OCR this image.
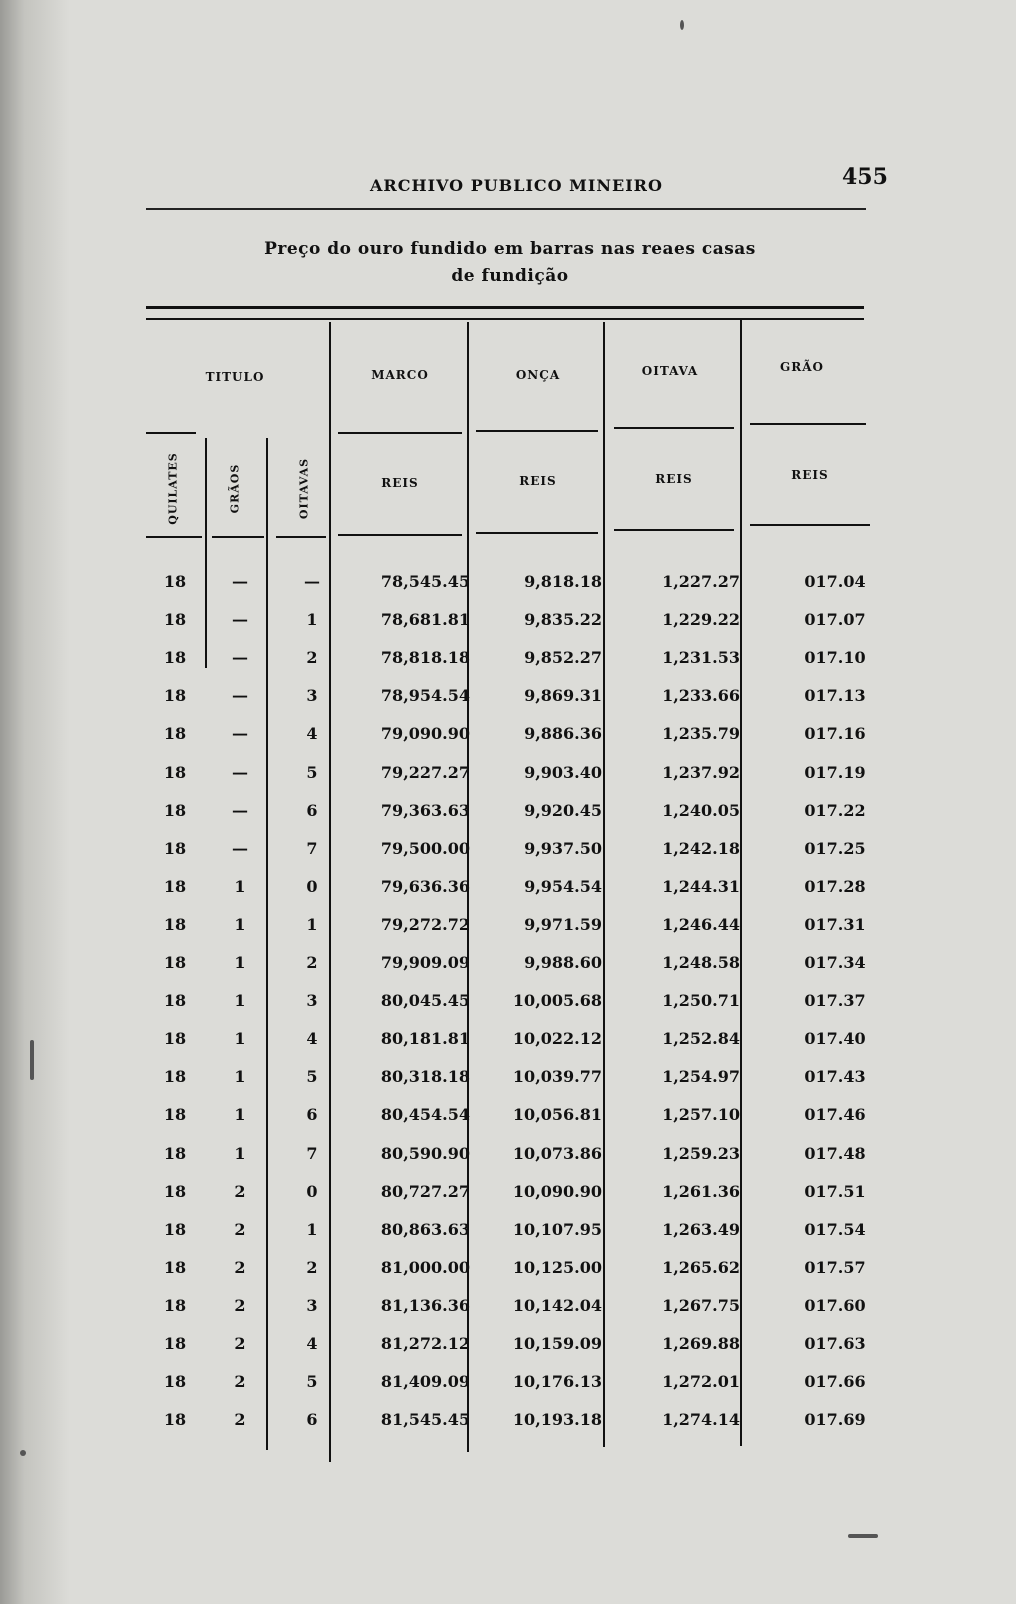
ARCHIVO PUBLICO MINEIRO	455
Preço do ouro fundido em barras nas reaes casas
de fundição
TITULO	MARCO	ONÇA	OITAVA	GRÃO
QUILATES	GRÃOS	OITAVAS	REIS	REIS	REIS	REIS
18	—	—	78,545.45	9,818.18	1,227.27	017.04
18	—	1	78,681.81	9,835.22	1,229.22	017.07
18	—	2	78,818.18	9,852.27	1,231.53	017.10
18	—	3	78,954.54	9,869.31	1,233.66	017.13
18	—	4	79,090.90	9,886.36	1,235.79	017.16
18	—	5	79,227.27	9,903.40	1,237.92	017.19
18	—	6	79,363.63	9,920.45	1,240.05	017.22
18	—	7	79,500.00	9,937.50	1,242.18	017.25
18	1	0	79,636.36	9,954.54	1,244.31	017.28
18	1	1	79,272.72	9,971.59	1,246.44	017.31
18	1	2	79,909.09	9,988.60	1,248.58	017.34
18	1	3	80,045.45	10,005.68	1,250.71	017.37
18	1	4	80,181.81	10,022.12	1,252.84	017.40
18	1	5	80,318.18	10,039.77	1,254.97	017.43
18	1	6	80,454.54	10,056.81	1,257.10	017.46
18	1	7	80,590.90	10,073.86	1,259.23	017.48
18	2	0	80,727.27	10,090.90	1,261.36	017.51
18	2	1	80,863.63	10,107.95	1,263.49	017.54
18	2	2	81,000.00	10,125.00	1,265.62	017.57
18	2	3	81,136.36	10,142.04	1,267.75	017.60
18	2	4	81,272.12	10,159.09	1,269.88	017.63
18	2	5	81,409.09	10,176.13	1,272.01	017.66
18	2	6	81,545.45	10,193.18	1,274.14	017.69
